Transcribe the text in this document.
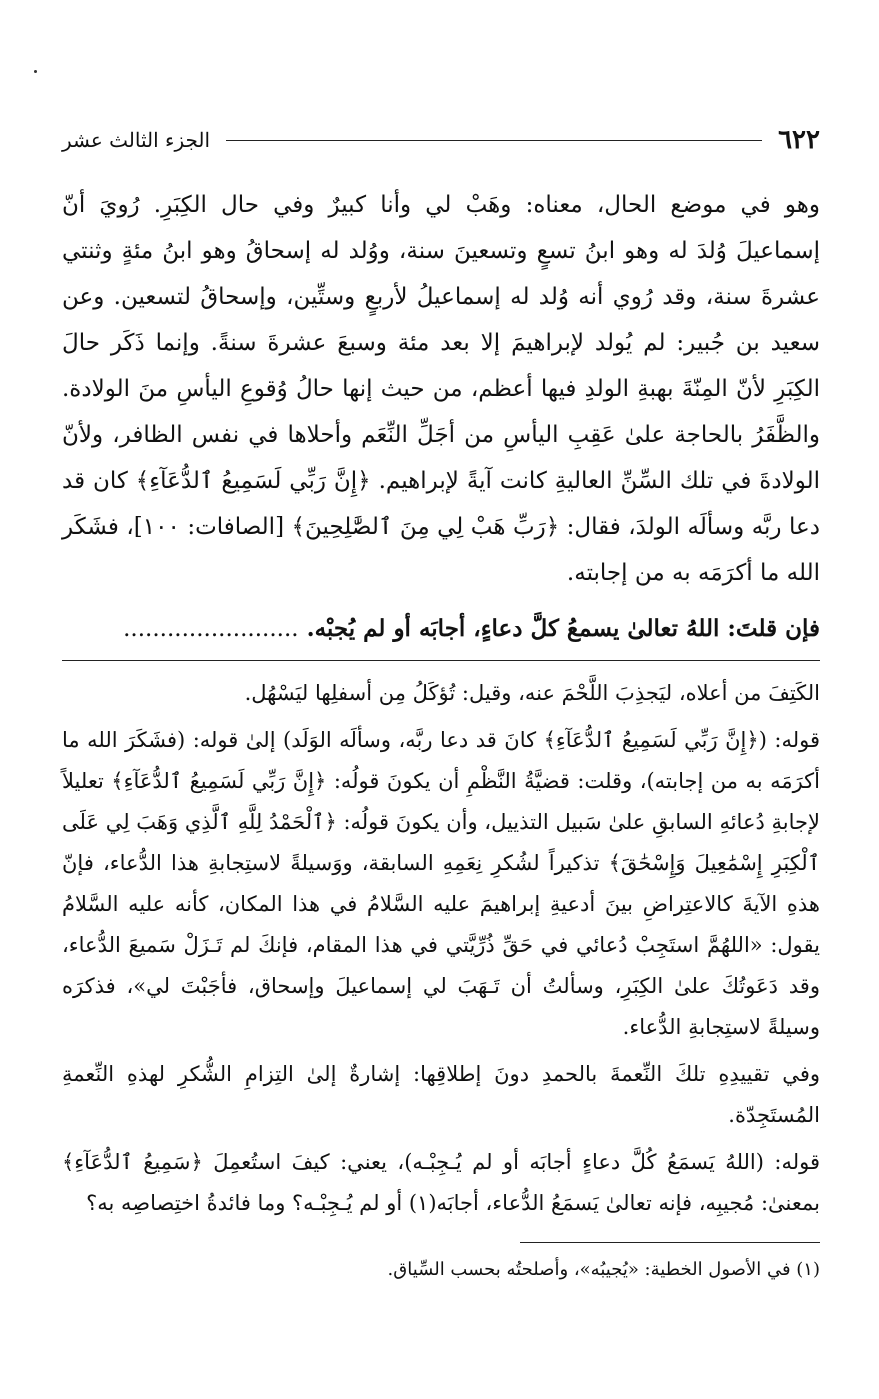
٦٢٢
الجزء الثالث عشر

وهو في موضع الحال، معناه: وهَبْ لي وأنا كبيرٌ وفي حال الكِبَرِ. رُويَ أنّ إسماعيلَ وُلدَ له وهو ابنُ تسعٍ وتسعينَ سنة، ووُلد له إسحاقُ وهو ابنُ مئةٍ وثنتي عشرةَ سنة، وقد رُوي أنه وُلد له إسماعيلُ لأربعٍ وستِّين، وإسحاقُ لتسعين. وعن سعيد بن جُبير: لم يُولد لإبراهيمَ إلا بعد مئة وسبعَ عشرةَ سنةً. وإنما ذَكَر حالَ الكِبَرِ لأنّ المِنّةَ بهبةِ الولدِ فيها أعظم، من حيث إنها حالُ وُقوعِ اليأسِ منَ الولادة. والظَّفَرُ بالحاجة علىٰ عَقِبِ اليأسِ من أجَلِّ النِّعَم وأحلاها في نفس الظافر، ولأنّ الولادةَ في تلك السِّنِّ العاليةِ كانت آيةً لإبراهيم. ﴿إِنَّ رَبِّي لَسَمِيعُ ٱلدُّعَآءِ﴾ كان قد دعا ربَّه وسألَه الولدَ، فقال: ﴿رَبِّ هَبْ لِي مِنَ ٱلصَّٰلِحِينَ﴾ [الصافات: ١٠٠]، فشَكَر الله ما أكرَمَه به من إجابته.

فإن قلتَ: اللهُ تعالىٰ يسمعُ كلَّ دعاءٍ، أجابَه أو لم يُجبْه. ........................

الكَتِفَ من أعلاه، ليَجذِبَ اللَّحْمَ عنه، وقيل: تُؤكَلُ مِن أسفلِها ليَسْهُل.

قوله: (﴿إِنَّ رَبِّي لَسَمِيعُ ٱلدُّعَآءِ﴾ كانَ قد دعا ربَّه، وسألَه الوَلَد) إلىٰ قوله: (فشَكَرَ الله ما أكرَمَه به من إجابته)، وقلت: قضيَّةُ النَّظْمِ أن يكونَ قولُه: ﴿إِنَّ رَبِّي لَسَمِيعُ ٱلدُّعَآءِ﴾ تعليلاً لإجابةِ دُعائهِ السابقِ علىٰ سَبيل التذييل، وأن يكونَ قولُه: ﴿ٱلْحَمْدُ لِلَّهِ ٱلَّذِي وَهَبَ لِي عَلَى ٱلْكِبَرِ إِسْمَٰعِيلَ وَإِسْحَٰقَ﴾ تذكيراً لشُكرِ نِعَمِهِ السابقة، ووَسيلةً لاستِجابةِ هذا الدُّعاء، فإنّ هذهِ الآيةَ كالاعتِراضِ بينَ أدعيةِ إبراهيمَ عليه السَّلامُ في هذا المكان، كأنه عليه السَّلامُ يقول: «اللهُمَّ استَجِبْ دُعائي في حَقِّ ذُرِّيَّتي في هذا المقام، فإنكَ لم تَـزَلْ سَميعَ الدُّعاء، وقد دَعَوتُكَ علىٰ الكِبَرِ، وسألتُ أن تَـهَبَ لي إسماعيلَ وإسحاق، فأجَبْتَ لي»، فذكرَه وسيلةً لاستِجابةِ الدُّعاء.

وفي تقييدِهِ تلكَ النِّعمةَ بالحمدِ دونَ إطلاقِها: إشارةٌ إلىٰ التِزامِ الشُّكرِ لهذهِ النِّعمةِ المُستَجِدّة.

قوله: (اللهُ يَسمَعُ كُلَّ دعاءٍ أجابَه أو لم يُـجِبْـه)، يعني: كيفَ استُعمِلَ ﴿سَمِيعُ ٱلدُّعَآءِ﴾ بمعنىٰ: مُجيبِه، فإنه تعالىٰ يَسمَعُ الدُّعاء، أجابَه(١) أو لم يُـجِبْـه؟ وما فائدةُ اختِصاصِه به؟

(١) في الأصول الخطية: «يُجيبُه»، وأصلحتُه بحسب السِّياق.
